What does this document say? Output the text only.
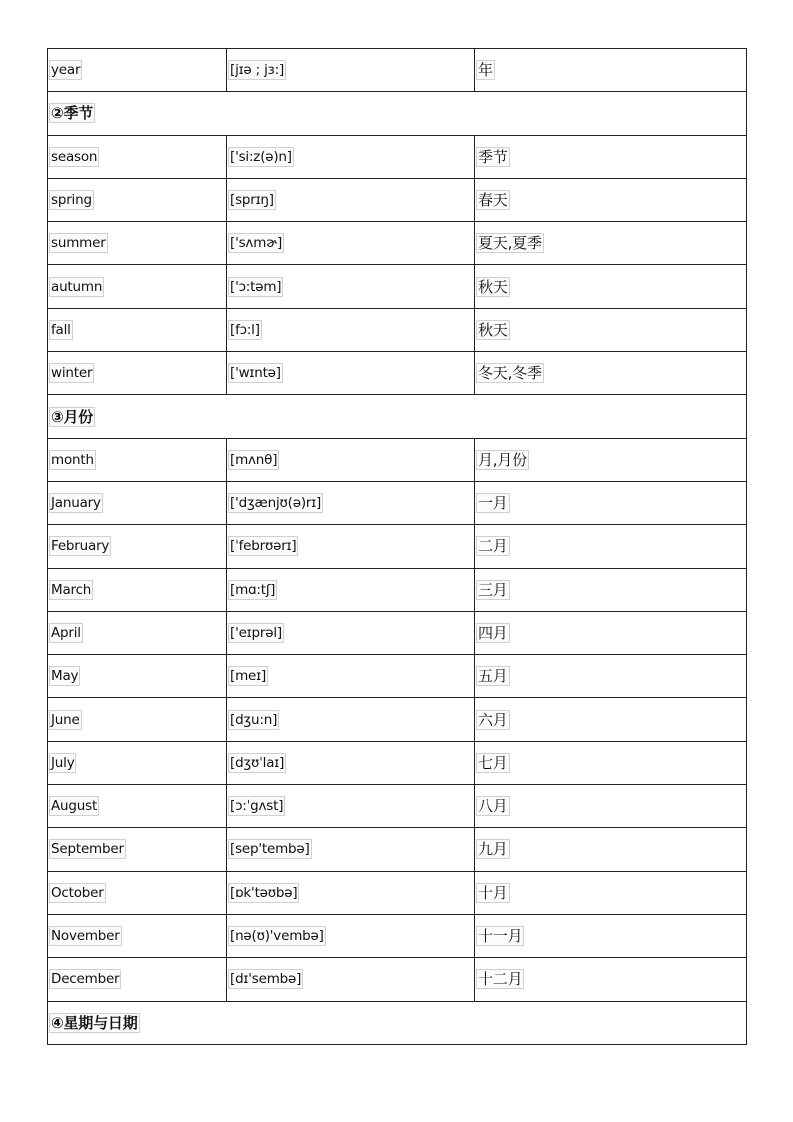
year	[jɪə ; jɜ:]	年
②季节		
season	['si:z(ə)n]	季节
spring	[sprɪŋ]	春天
summer	['sʌmɚ]	夏天,夏季
autumn	['ɔ:təm]	秋天
fall	[fɔ:l]	秋天
winter	['wɪntə]	冬天,冬季
③月份		
month	[mʌnθ]	月,月份
January	['dʒænjʊ(ə)rɪ]	一月
February	[ˈfebrʊərɪ]	二月
March	[mɑ:tʃ]	三月
April	['eɪprəl]	四月
May	[meɪ]	五月
June	[dʒu:n]	六月
July	[dʒʊˈlaɪ]	七月
August	[ɔ:ˈgʌst]	八月
September	[sep'tembə]	九月
October	[ɒk'təʊbə]	十月
November	[nə(ʊ)'vembə]	十一月
December	[dɪ'sembə]	十二月
④星期与日期		
